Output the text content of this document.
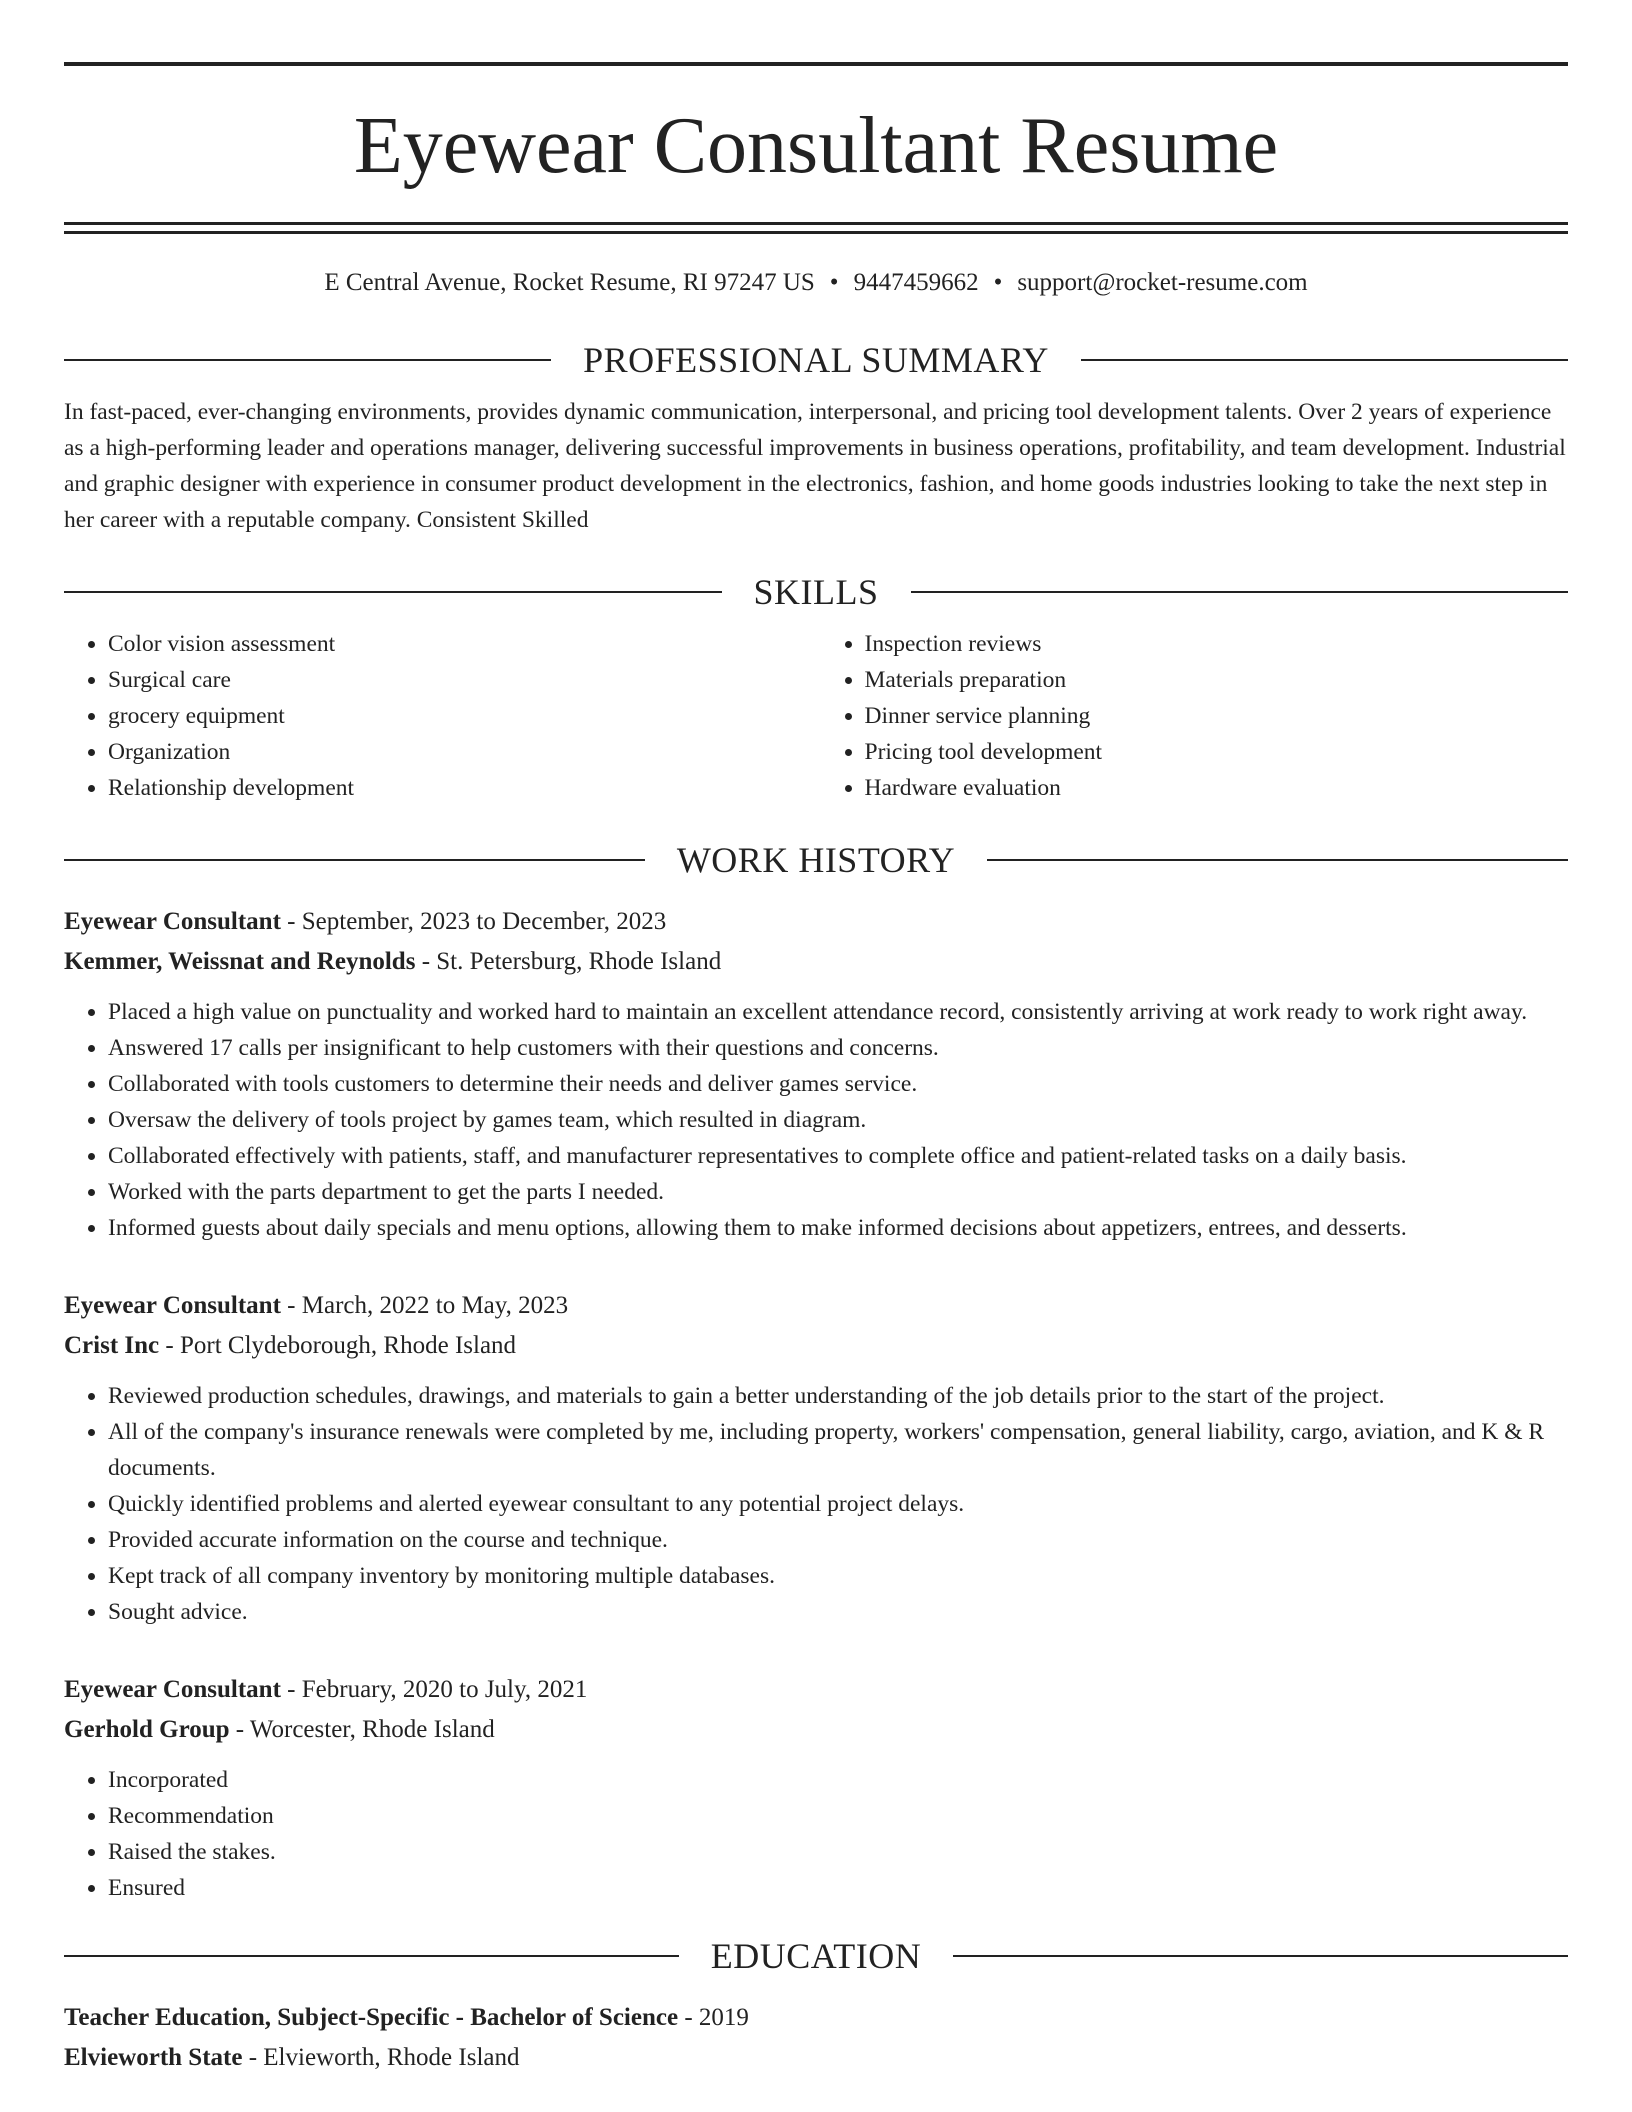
Eyewear Consultant Resume
E Central Avenue, Rocket Resume, RI 97247 US • 9447459662 • support@rocket-resume.com
PROFESSIONAL SUMMARY

In fast-paced, ever-changing environments, provides dynamic communication, interpersonal, and pricing tool development talents. Over 2 years of experience as a high-performing leader and operations manager, delivering successful improvements in business operations, profitability, and team development. Industrial and graphic designer with experience in consumer product development in the electronics, fashion, and home goods industries looking to take the next step in her career with a reputable company. Consistent Skilled

SKILLS
• Color vision assessment
• Surgical care
• grocery equipment
• Organization
• Relationship development
• Inspection reviews
• Materials preparation
• Dinner service planning
• Pricing tool development
• Hardware evaluation
WORK HISTORY

Eyewear Consultant - September, 2023 to December, 2023

Kemmer, Weissnat and Reynolds - St. Petersburg, Rhode Island

• Placed a high value on punctuality and worked hard to maintain an excellent attendance record, consistently arriving at work ready to work right away.
• Answered 17 calls per insignificant to help customers with their questions and concerns.
• Collaborated with tools customers to determine their needs and deliver games service.
• Oversaw the delivery of tools project by games team, which resulted in diagram.
• Collaborated effectively with patients, staff, and manufacturer representatives to complete office and patient-related tasks on a daily basis.
• Worked with the parts department to get the parts I needed.
• Informed guests about daily specials and menu options, allowing them to make informed decisions about appetizers, entrees, and desserts.

Eyewear Consultant - March, 2022 to May, 2023

Crist Inc - Port Clydeborough, Rhode Island

• Reviewed production schedules, drawings, and materials to gain a better understanding of the job details prior to the start of the project.
• All of the company's insurance renewals were completed by me, including property, workers' compensation, general liability, cargo, aviation, and K & R documents.
• Quickly identified problems and alerted eyewear consultant to any potential project delays.
• Provided accurate information on the course and technique.
• Kept track of all company inventory by monitoring multiple databases.
• Sought advice.

Eyewear Consultant - February, 2020 to July, 2021

Gerhold Group - Worcester, Rhode Island

• Incorporated
• Recommendation
• Raised the stakes.
• Ensured
EDUCATION

Teacher Education, Subject-Specific - Bachelor of Science - 2019

Elvieworth State - Elvieworth, Rhode Island
